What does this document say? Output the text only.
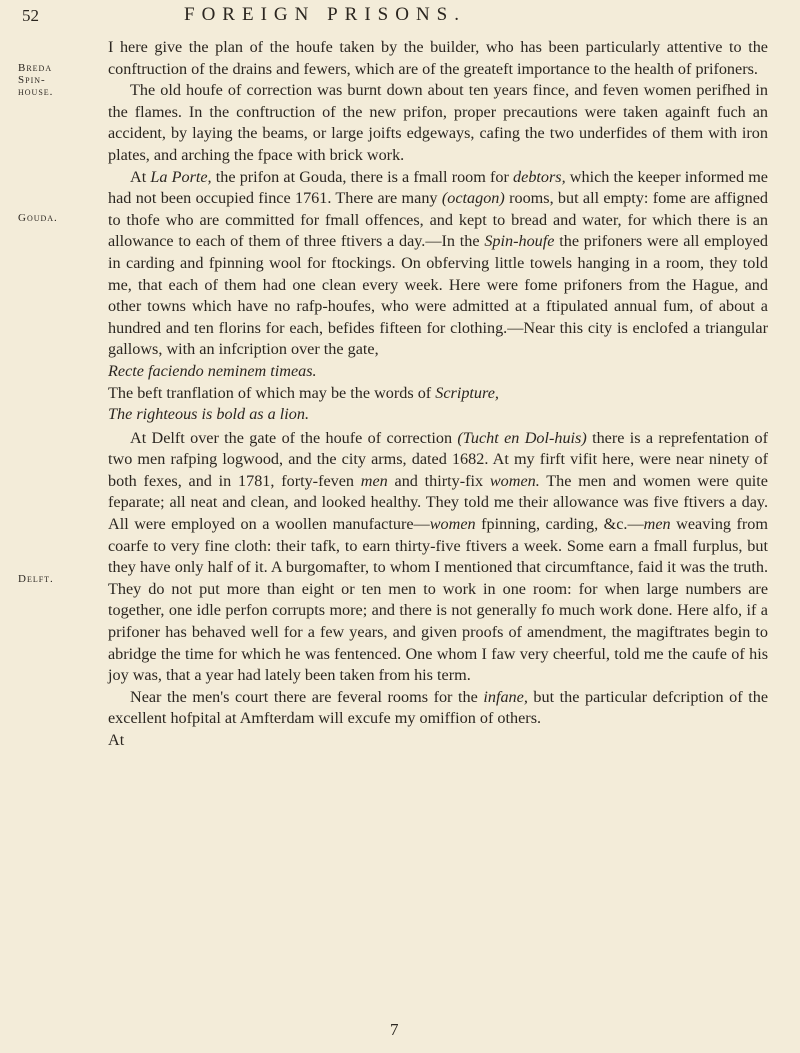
52	FOREIGN PRISONS.
Breda
Spin-
house.
Gouda.
Delft.

I here give the plan of the houfe taken by the builder, who has been particularly attentive to the conftruction of the drains and fewers, which are of the greateft importance to the health of prifoners.

The old houfe of correction was burnt down about ten years fince, and feven women perifhed in the flames. In the conftruction of the new prifon, proper precautions were taken againft fuch an accident, by laying the beams, or large joifts edgeways, cafing the two underfides of them with iron plates, and arching the fpace with brick work.

At La Porte, the prifon at Gouda, there is a fmall room for debtors, which the keeper informed me had not been occupied fince 1761. There are many (octagon) rooms, but all empty: fome are affigned to thofe who are committed for fmall offences, and kept to bread and water, for which there is an allowance to each of them of three ftivers a day.—In the Spin-houfe the prifoners were all employed in carding and fpinning wool for ftockings. On obferving little towels hanging in a room, they told me, that each of them had one clean every week. Here were fome prifoners from the Hague, and other towns which have no rafp-houfes, who were admitted at a ftipulated annual fum, of about a hundred and ten florins for each, befides fifteen for clothing.—Near this city is enclofed a triangular gallows, with an infcription over the gate,

Recte faciendo neminem timeas.

The beft tranflation of which may be the words of Scripture,

The righteous is bold as a lion.

At Delft over the gate of the houfe of correction (Tucht en Dol-huis) there is a reprefentation of two men rafping logwood, and the city arms, dated 1682. At my firft vifit here, were near ninety of both fexes, and in 1781, forty-feven men and thirty-fix women. The men and women were quite feparate; all neat and clean, and looked healthy. They told me their allowance was five ftivers a day. All were employed on a woollen manufacture—women fpinning, carding, &c.—men weaving from coarfe to very fine cloth: their tafk, to earn thirty-five ftivers a week. Some earn a fmall furplus, but they have only half of it. A burgomafter, to whom I mentioned that circumftance, faid it was the truth. They do not put more than eight or ten men to work in one room: for when large numbers are together, one idle perfon corrupts more; and there is not generally fo much work done. Here alfo, if a prifoner has behaved well for a few years, and given proofs of amendment, the magiftrates begin to abridge the time for which he was fentenced. One whom I faw very cheerful, told me the caufe of his joy was, that a year had lately been taken from his term.

Near the men's court there are feveral rooms for the infane, but the particular defcription of the excellent hofpital at Amfterdam will excufe my omiffion of others.

At

7
